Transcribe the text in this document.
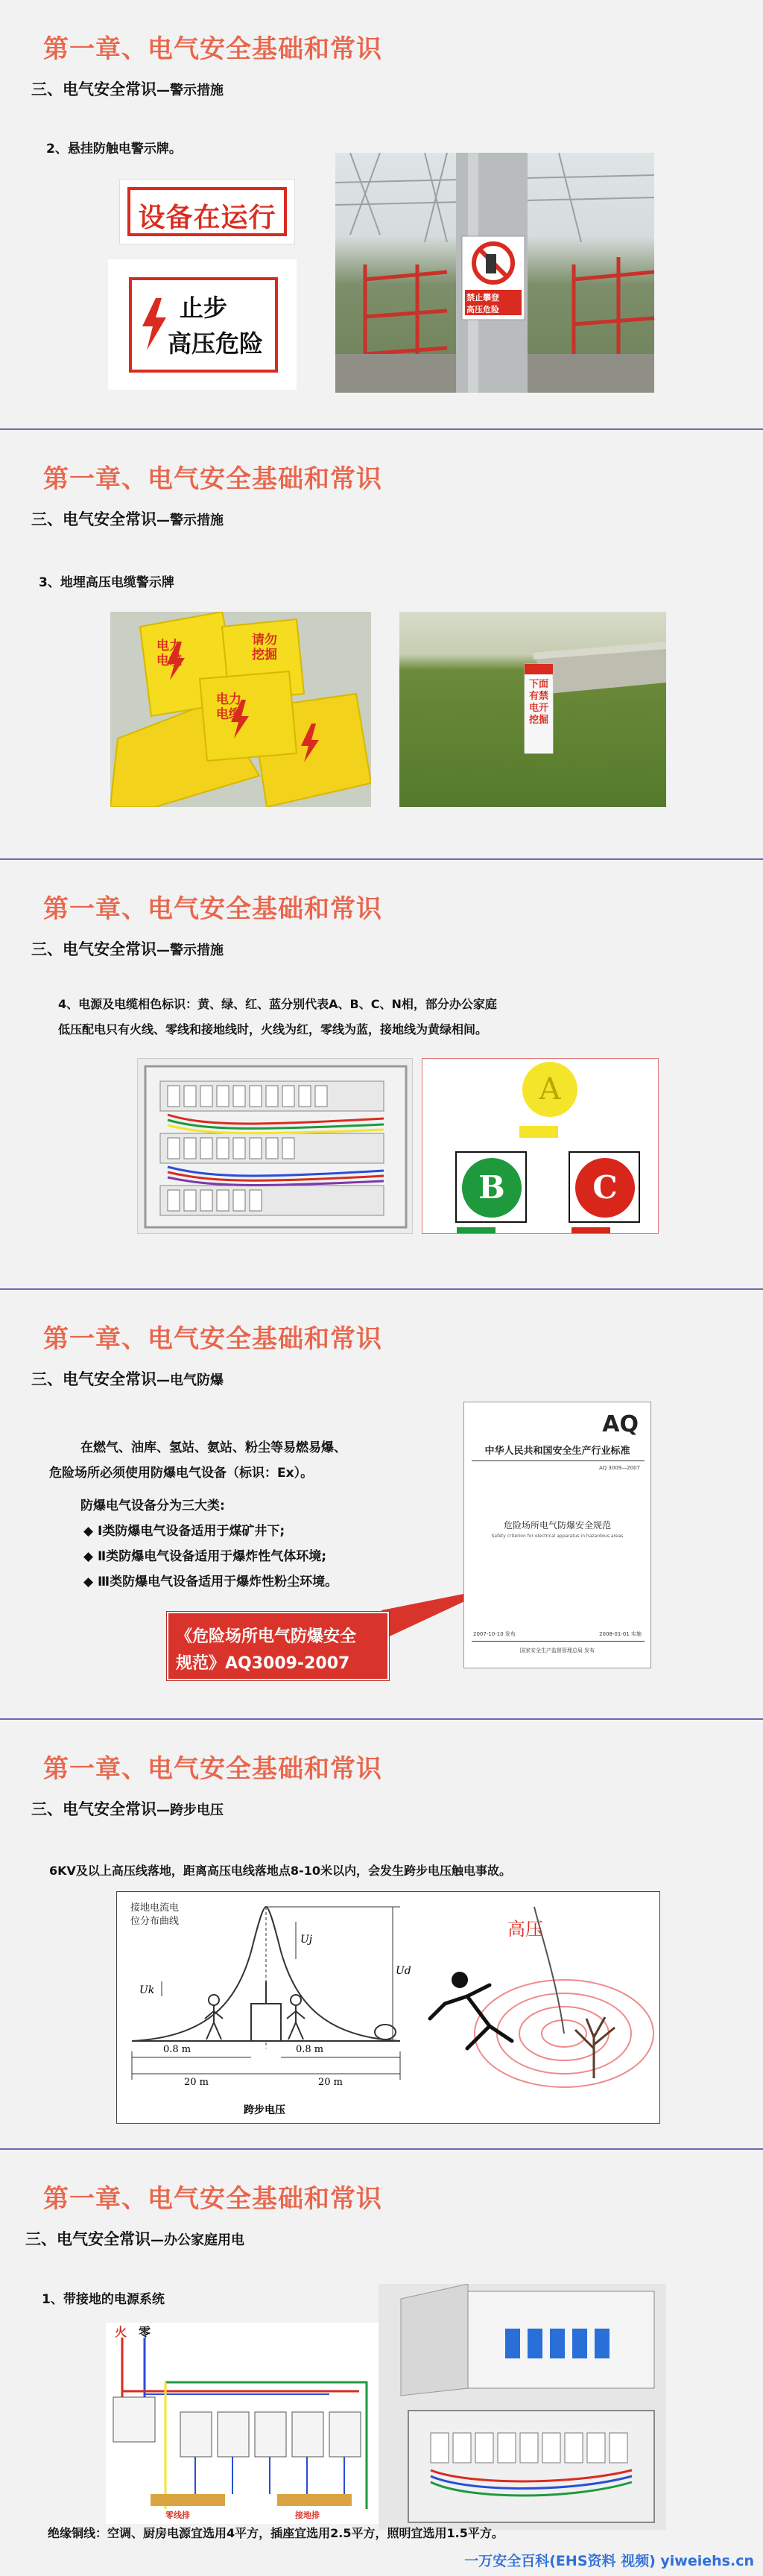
第一章、电气安全基础和常识
三、电气安全常识—警示措施
2、悬挂防触电警示牌。
设备在运行
止步
高压危险
禁止攀登
高压危险
第一章、电气安全基础和常识
三、电气安全常识—警示措施
3、地埋高压电缆警示牌
电力电缆
请勿挖掘
电力电缆
下面有禁电开挖掘
第一章、电气安全基础和常识
三、电气安全常识—警示措施
4、电源及电缆相色标识：黄、绿、红、蓝分别代表A、B、C、N相，部分办公家庭
低压配电只有火线、零线和接地线时，火线为红，零线为蓝，接地线为黄绿相间。
A
B	C
第一章、电气安全基础和常识
三、电气安全常识—电气防爆
在燃气、油库、氢站、氨站、粉尘等易燃易爆、
危险场所必须使用防爆电气设备（标识：Ex）。
防爆电气设备分为三大类:
◆ Ⅰ类防爆电气设备适用于煤矿井下;
◆ Ⅱ类防爆电气设备适用于爆炸性气体环境;
◆ Ⅲ类防爆电气设备适用于爆炸性粉尘环境。
《危险场所电气防爆安全
规范》AQ3009-2007
AQ
中华人民共和国安全生产行业标准
AQ 3009—2007
危险场所电气防爆安全规范
Safety criterion for electrical apparatus in hazardous areas
2007-10-10 发布	2008-01-01 实施
国家安全生产监督管理总局 发布
第一章、电气安全基础和常识
三、电气安全常识—跨步电压
6KV及以上高压线落地，距离高压电线落地点8-10米以内，会发生跨步电压触电事故。
接地电流电
位分布曲线
Uj
Ud
Uk
0.8 m	0.8 m
20 m	20 m
跨步电压
高压
第一章、电气安全基础和常识
三、电气安全常识—办公家庭用电
1、带接地的电源系统
火 零
零线排	接地排
绝缘铜线：空调、厨房电源宜选用4平方，插座宜选用2.5平方，照明宜选用1.5平方。
一万安全百科(EHS资料 视频) yiweiehs.cn
